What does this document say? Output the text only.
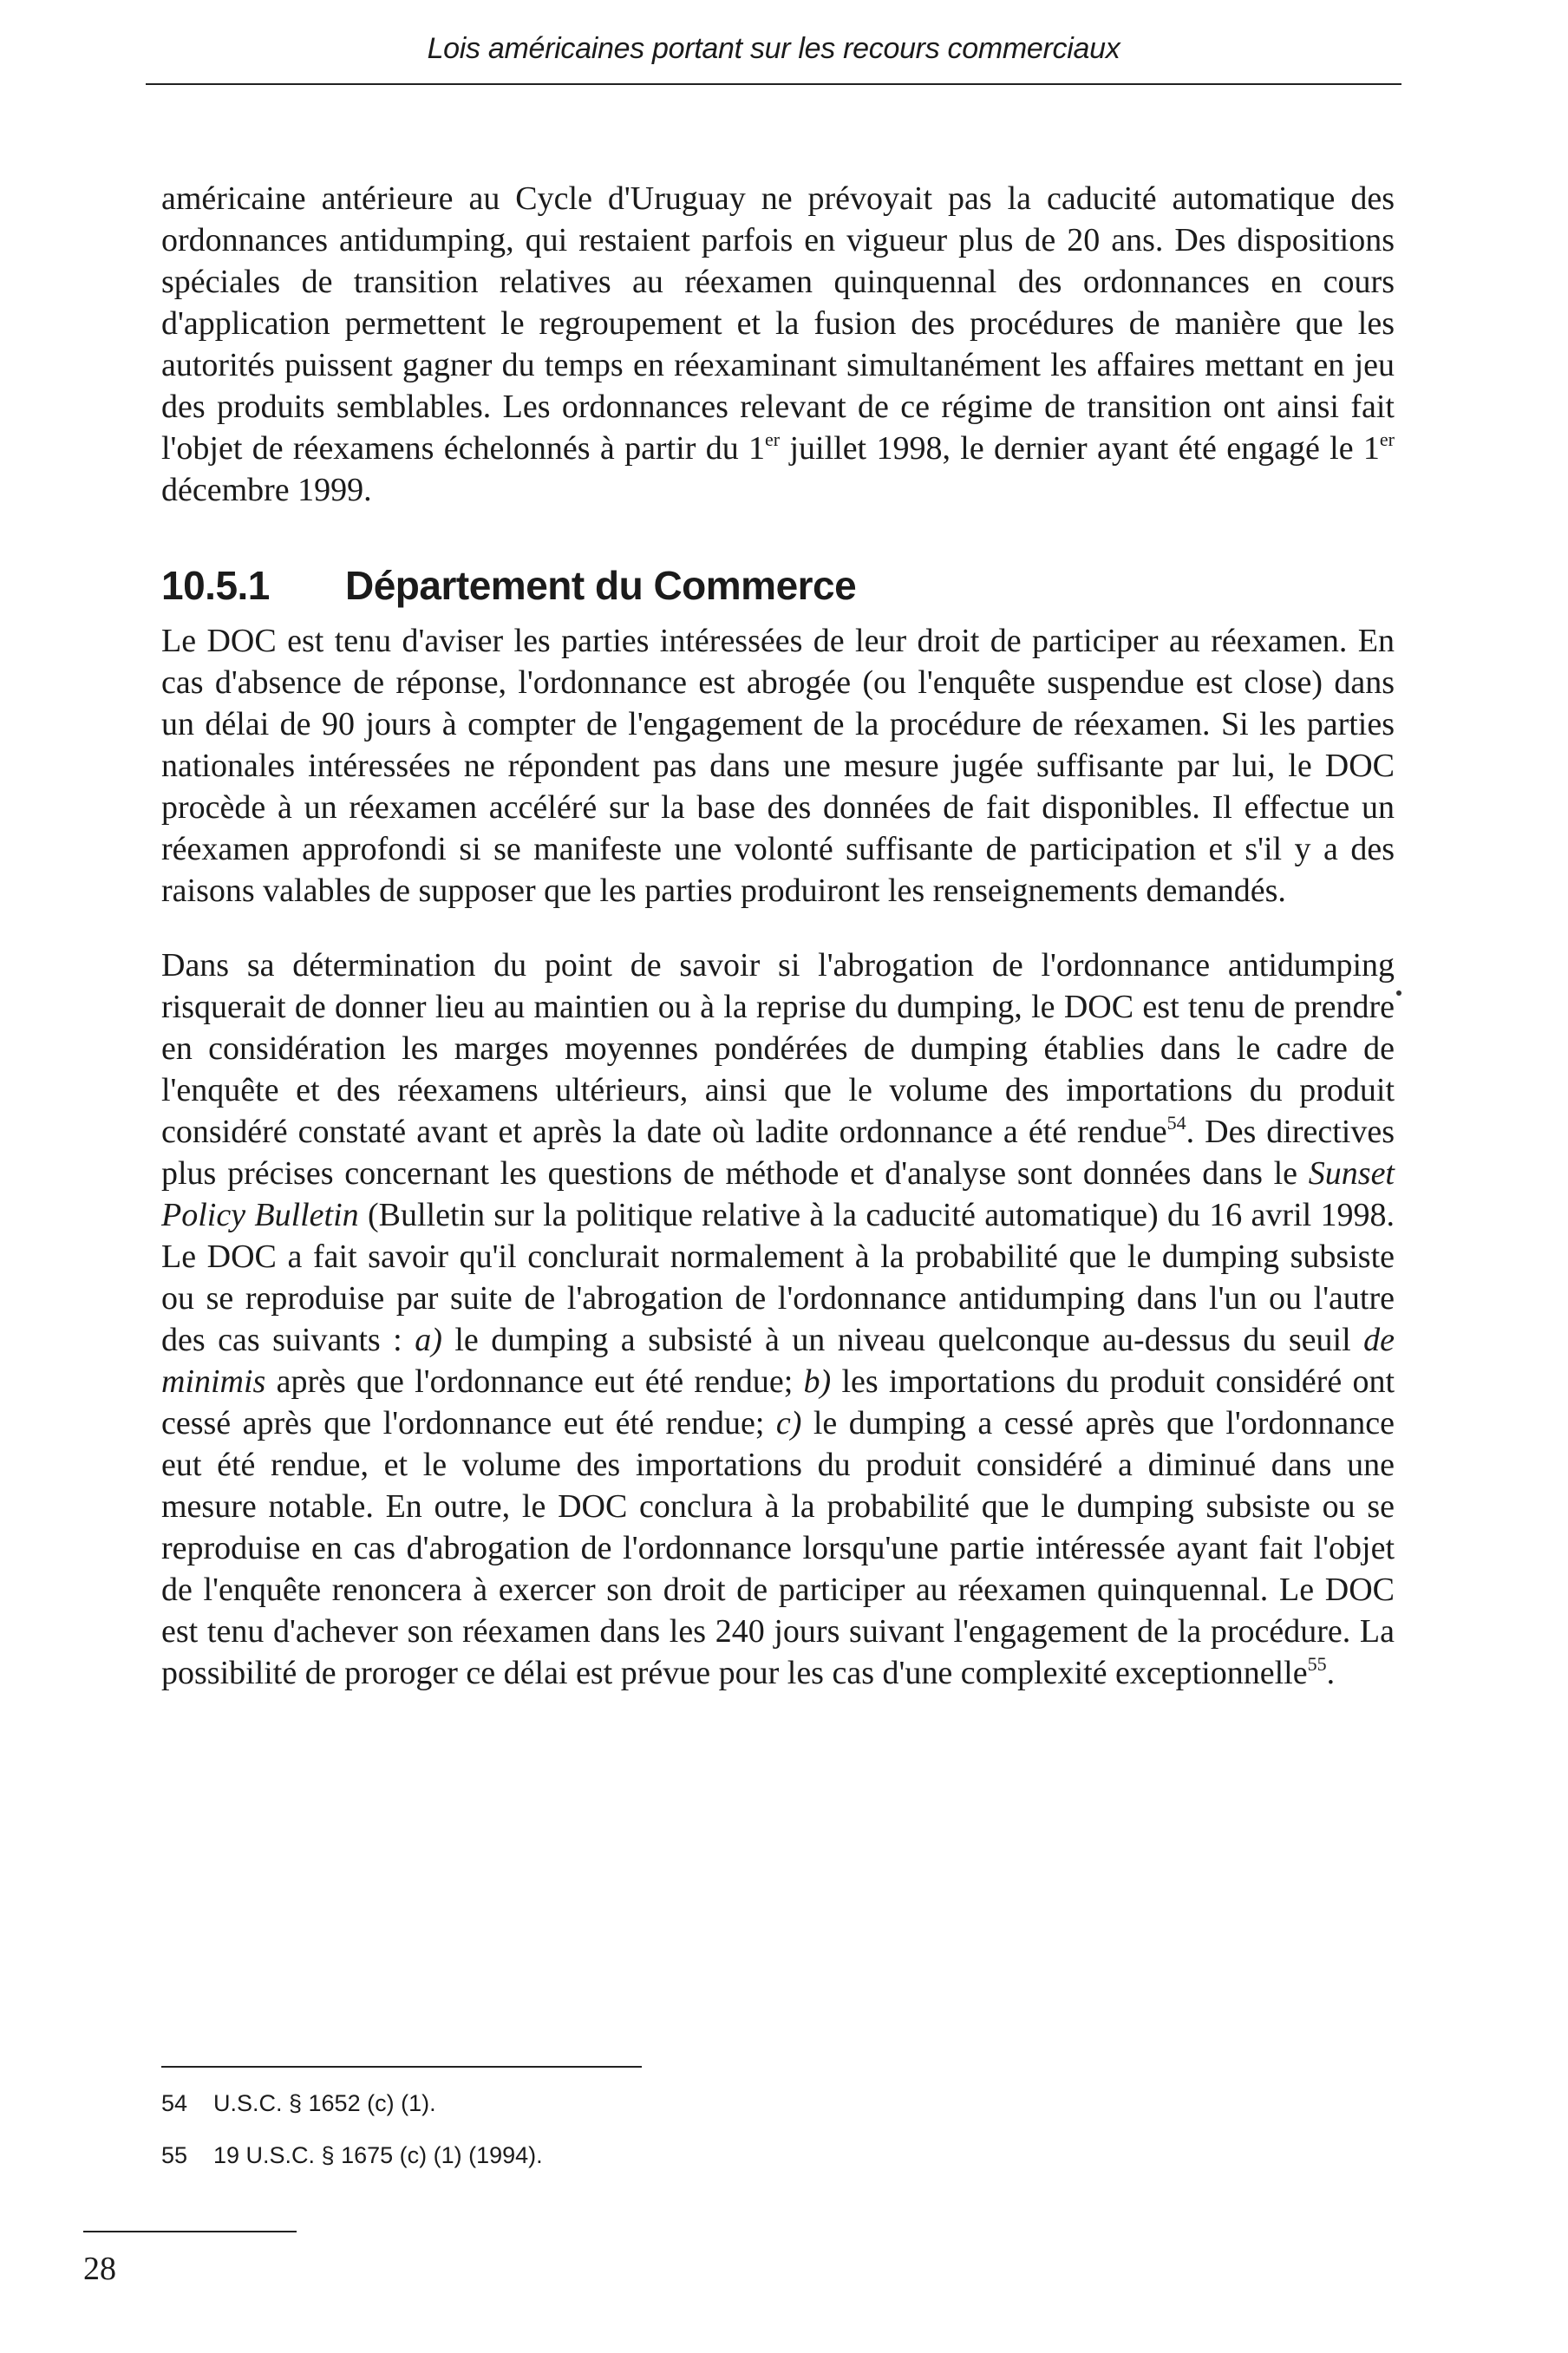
Lois américaines portant sur les recours commerciaux

américaine antérieure au Cycle d'Uruguay ne prévoyait pas la caducité automatique des ordonnances antidumping, qui restaient parfois en vigueur plus de 20 ans. Des dispositions spéciales de transition relatives au réexamen quinquennal des ordonnances en cours d'application permettent le regroupement et la fusion des procédures de manière que les autorités puissent gagner du temps en réexaminant simultanément les affaires mettant en jeu des produits semblables. Les ordonnances relevant de ce régime de transition ont ainsi fait l'objet de réexamens échelonnés à partir du 1er juillet 1998, le dernier ayant été engagé le 1er décembre 1999.

10.5.1	Département du Commerce

Le DOC est tenu d'aviser les parties intéressées de leur droit de participer au réexamen. En cas d'absence de réponse, l'ordonnance est abrogée (ou l'enquête suspendue est close) dans un délai de 90 jours à compter de l'engagement de la procédure de réexamen. Si les parties nationales intéressées ne répondent pas dans une mesure jugée suffisante par lui, le DOC procède à un réexamen accéléré sur la base des données de fait disponibles. Il effectue un réexamen approfondi si se manifeste une volonté suffisante de participation et s'il y a des raisons valables de supposer que les parties produiront les renseignements demandés.

Dans sa détermination du point de savoir si l'abrogation de l'ordonnance antidumping risquerait de donner lieu au maintien ou à la reprise du dumping, le DOC est tenu de prendre en considération les marges moyennes pondérées de dumping établies dans le cadre de l'enquête et des réexamens ultérieurs, ainsi que le volume des importations du produit considéré constaté avant et après la date où ladite ordonnance a été rendue$^{54}$. Des directives plus précises concernant les questions de méthode et d'analyse sont données dans le Sunset Policy Bulletin (Bulletin sur la politique relative à la caducité automatique) du 16 avril 1998. Le DOC a fait savoir qu'il conclurait normalement à la probabilité que le dumping subsiste ou se reproduise par suite de l'abrogation de l'ordonnance antidumping dans l'un ou l'autre des cas suivants : a) le dumping a subsisté à un niveau quelconque au-dessus du seuil de minimis après que l'ordonnance eut été rendue; b) les importations du produit considéré ont cessé après que l'ordonnance eut été rendue; c) le dumping a cessé après que l'ordonnance eut été rendue, et le volume des importations du produit considéré a diminué dans une mesure notable. En outre, le DOC conclura à la probabilité que le dumping subsiste ou se reproduise en cas d'abrogation de l'ordonnance lorsqu'une partie intéressée ayant fait l'objet de l'enquête renoncera à exercer son droit de participer au réexamen quinquennal. Le DOC est tenu d'achever son réexamen dans les 240 jours suivant l'engagement de la procédure. La possibilité de proroger ce délai est prévue pour les cas d'une complexité exceptionnelle$^{55}$.

54	U.S.C. § 1652 (c) (1).
55	19 U.S.C. § 1675 (c) (1) (1994).
28
